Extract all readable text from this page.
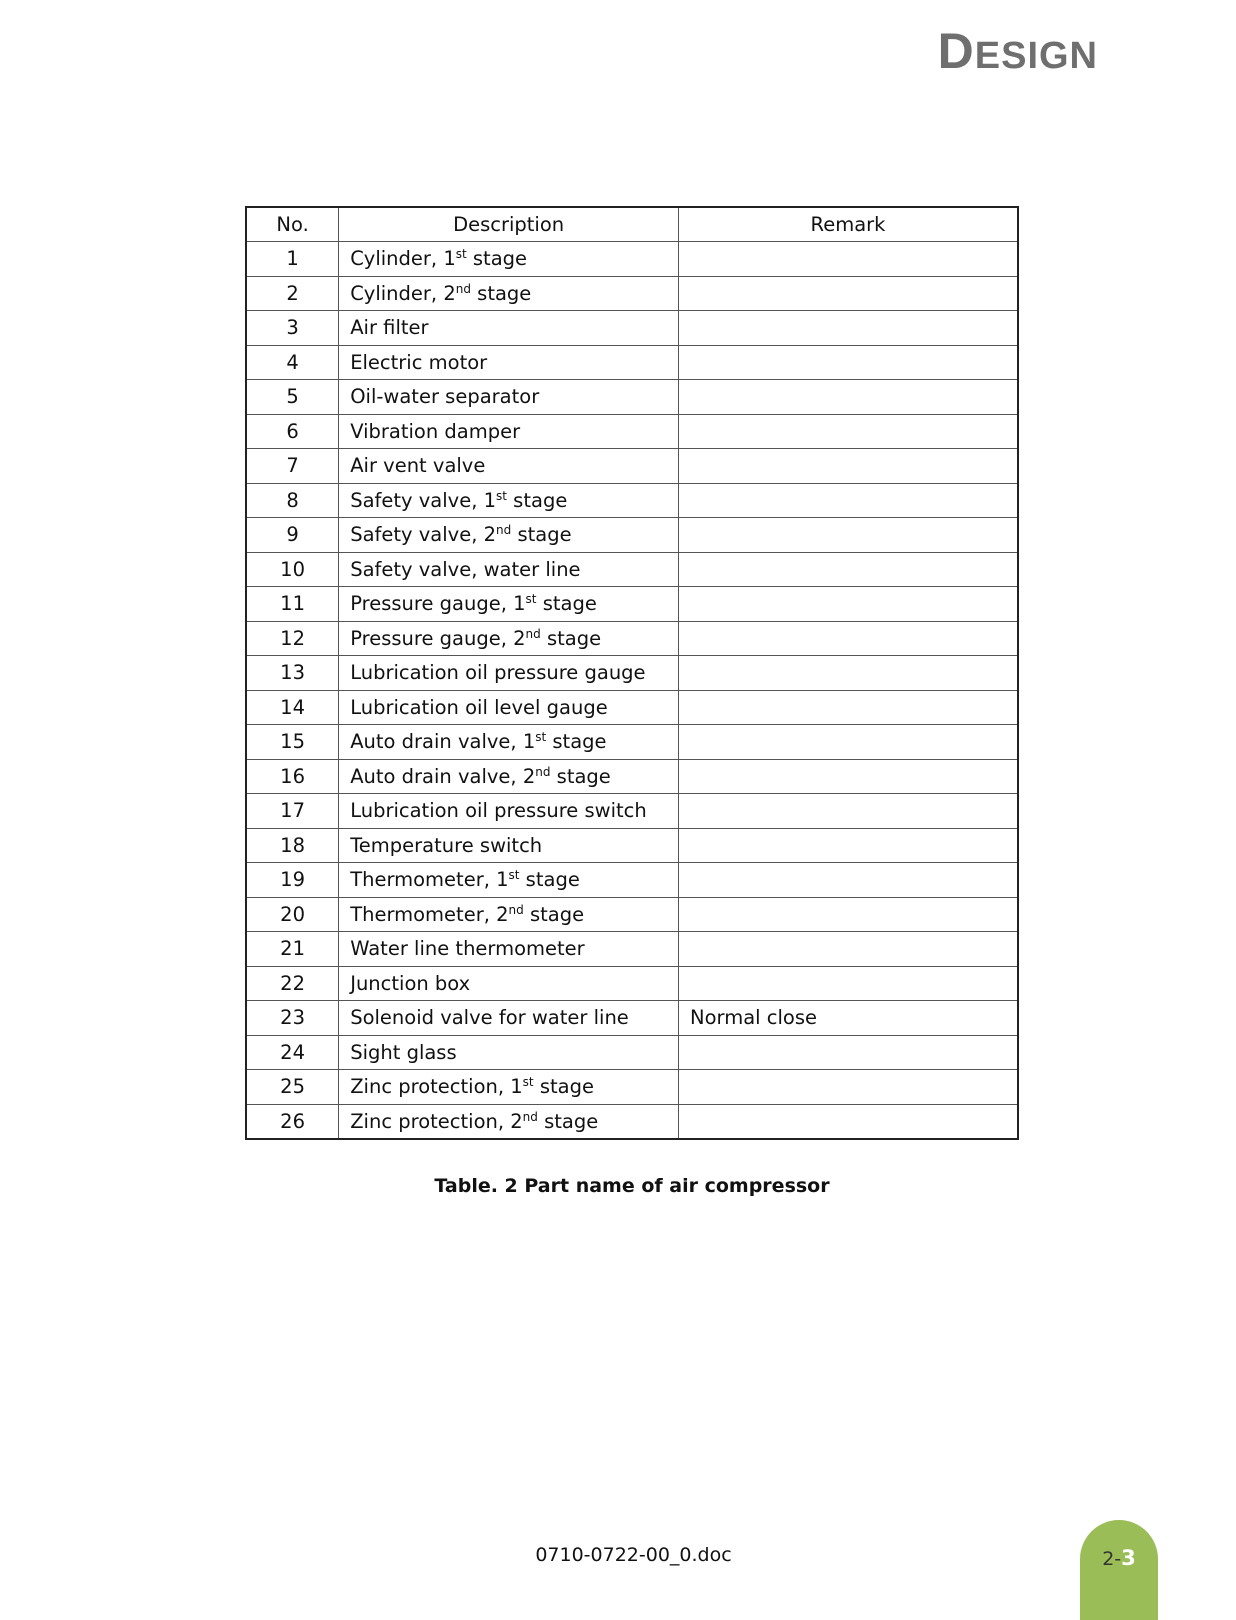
DESIGN
No.	Description	Remark
1	Cylinder, 1st stage	
2	Cylinder, 2nd stage	
3	Air filter	
4	Electric motor	
5	Oil-water separator	
6	Vibration damper	
7	Air vent valve	
8	Safety valve, 1st stage	
9	Safety valve, 2nd stage	
10	Safety valve, water line	
11	Pressure gauge, 1st stage	
12	Pressure gauge, 2nd stage	
13	Lubrication oil pressure gauge	
14	Lubrication oil level gauge	
15	Auto drain valve, 1st stage	
16	Auto drain valve, 2nd stage	
17	Lubrication oil pressure switch	
18	Temperature switch	
19	Thermometer, 1st stage	
20	Thermometer, 2nd stage	
21	Water line thermometer	
22	Junction box	
23	Solenoid valve for water line	Normal close
24	Sight glass	
25	Zinc protection, 1st stage	
26	Zinc protection, 2nd stage	
Table. 2 Part name of air compressor
0710-0722-00_0.doc	2-3
